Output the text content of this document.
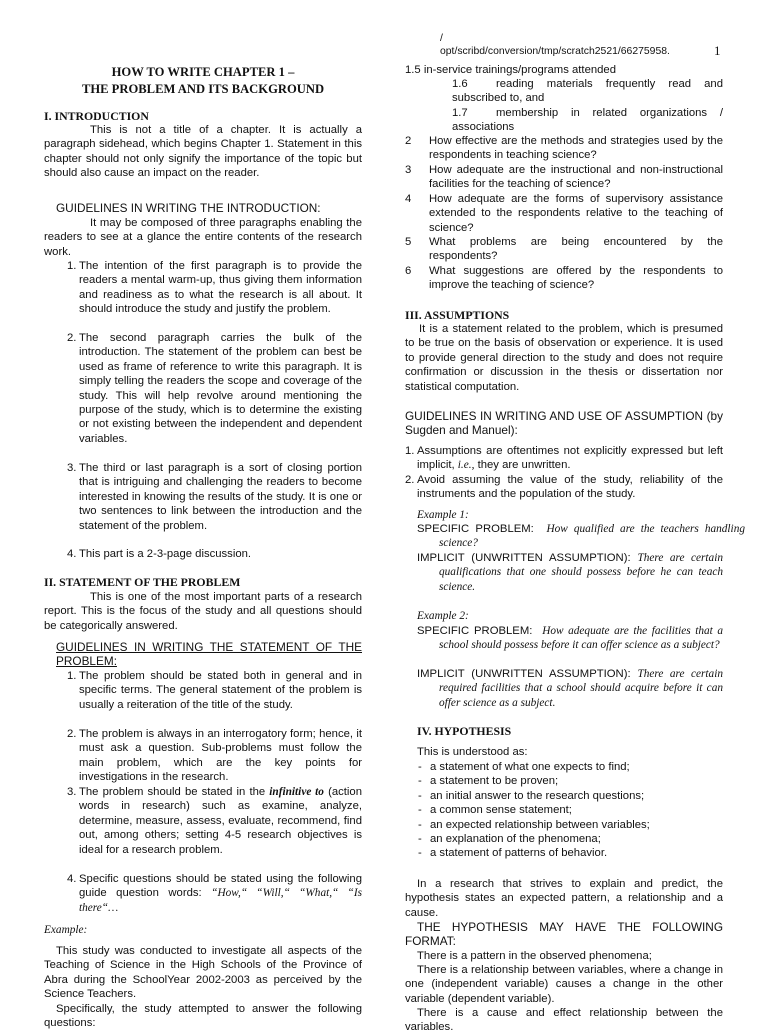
/
opt/scribd/conversion/tmp/scratch2521/66275958.	1
HOW TO WRITE CHAPTER 1 –
THE PROBLEM AND ITS BACKGROUND
I. INTRODUCTION
This is not a title of a chapter. It is actually a paragraph sidehead, which begins Chapter 1. Statement in this chapter should not only signify the importance of the topic but should also cause an impact on the reader.
GUIDELINES IN WRITING THE INTRODUCTION:
It may be composed of three paragraphs enabling the readers to see at a glance the entire contents of the research work.
1. The intention of the first paragraph is to provide the readers a mental warm-up, thus giving them information and readiness as to what the research is all about. It should introduce the study and justify the problem.
2. The second paragraph carries the bulk of the introduction. The statement of the problem can best be used as frame of reference to write this paragraph. It is simply telling the readers the scope and coverage of the study. This will help revolve around mentioning the purpose of the study, which is to determine the existing or not existing between the independent and dependent variables.
3. The third or last paragraph is a sort of closing portion that is intriguing and challenging the readers to become interested in knowing the results of the study. It is one or two sentences to link between the introduction and the statement of the problem.
4. This part is a 2-3-page discussion.
II. STATEMENT OF THE PROBLEM
This is one of the most important parts of a research report. This is the focus of the study and all questions should be categorically answered.
GUIDELINES IN WRITING THE STATEMENT OF THE PROBLEM:
1. The problem should be stated both in general and in specific terms. The general statement of the problem is usually a reiteration of the title of the study.
2. The problem is always in an interrogatory form; hence, it must ask a question. Sub-problems must follow the main problem, which are the key points for investigations in the research.
3. The problem should be stated in the infinitive to (action words in research) such as examine, analyze, determine, measure, assess, evaluate, recommend, find out, among others; setting 4-5 research objectives is ideal for a research problem.
4. Specific questions should be stated using the following guide question words: “How,“ “Will,“ “What,“ “Is there“…
Example:
This study was conducted to investigate all aspects of the Teaching of Science in the High Schools of the Province of Abra during the SchoolYear 2002-2003 as perceived by the Science Teachers.
Specifically, the study attempted to answer the following questions:
1.5 in-service trainings/programs attended
1.6	reading materials frequently read and subscribed to, and
1.7	membership in related organizations / associations
2 How effective are the methods and strategies used by the respondents in teaching science?
3 How adequate are the instructional and non-instructional facilities for the teaching of science?
4 How adequate are the forms of supervisory assistance extended to the respondents relative to the teaching of science?
5 What problems are being encountered by the respondents?
6 What suggestions are offered by the respondents to improve the teaching of science?
III. ASSUMPTIONS
It is a statement related to the problem, which is presumed to be true on the basis of observation or experience. It is used to provide general direction to the study and does not require confirmation or discussion in the thesis or dissertation nor statistical computation.
GUIDELINES IN WRITING AND USE OF ASSUMPTION (by Sugden and Manuel):
1. Assumptions are oftentimes not explicitly expressed but left implicit, i.e., they are unwritten.
2. Avoid assuming the value of the study, reliability of the instruments and the population of the study.
Example 1:
SPECIFIC PROBLEM: How qualified are the teachers handling science?
IMPLICIT (UNWRITTEN ASSUMPTION): There are certain qualifications that one should possess before he can teach science.
Example 2:
SPECIFIC PROBLEM: How adequate are the facilities that a school should possess before it can offer science as a subject?
IMPLICIT (UNWRITTEN ASSUMPTION): There are certain required facilities that a school should acquire before it can offer science as a subject.
IV. HYPOTHESIS
This is understood as:
- a statement of what one expects to find;
- a statement to be proven;
- an initial answer to the research questions;
- a common sense statement;
- an expected relationship between variables;
- an explanation of the phenomena;
- a statement of patterns of behavior.
In a research that strives to explain and predict, the hypothesis states an expected pattern, a relationship and a cause.
THE HYPOTHESIS MAY HAVE THE FOLLOWING FORMAT:
There is a pattern in the observed phenomena;
There is a relationship between variables, where a change in one (independent variable) causes a change in the other variable (dependent variable).
There is a cause and effect relationship between the variables.
